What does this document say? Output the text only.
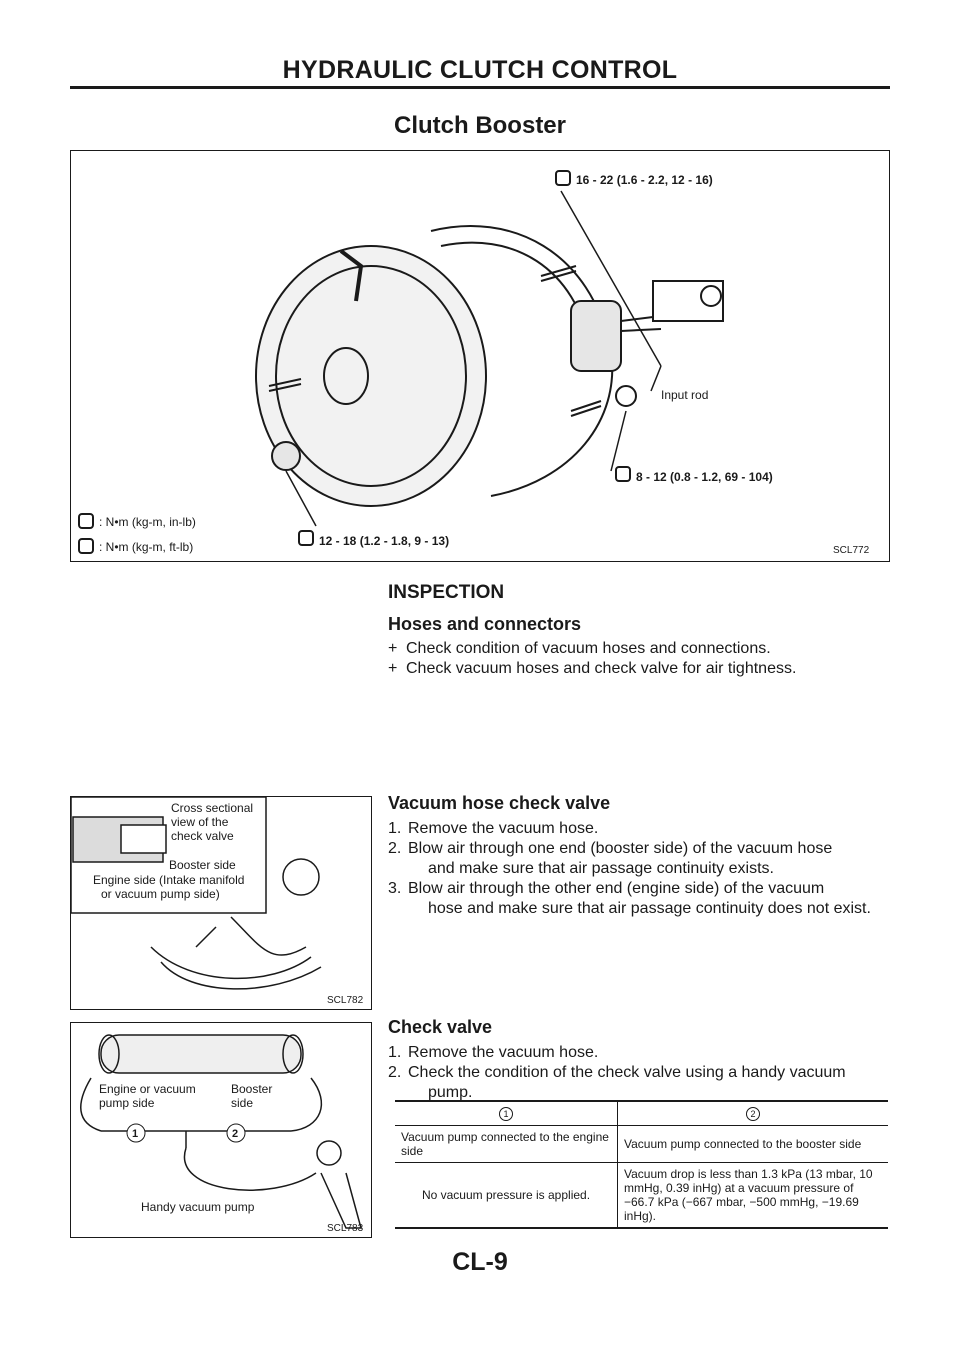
HYDRAULIC CLUTCH CONTROL
Clutch Booster
16 - 22 (1.6 - 2.2, 12 - 16)
Input rod
8 - 12 (0.8 - 1.2, 69 - 104)
12 - 18 (1.2 - 1.8, 9 - 13)
: N•m (kg-m, in-lb)
: N•m (kg-m, ft-lb)	SCL772
INSPECTION
Hoses and connectors
+ Check condition of vacuum hoses and connections.
+ Check vacuum hoses and check valve for air tightness.
Cross sectional
view of the
check valve
Booster side
Engine side (Intake manifold
or vacuum pump side)
SCL782
Vacuum hose check valve
1. Remove the vacuum hose.
2. Blow air through one end (booster side) of the vacuum hose
and make sure that air passage continuity exists.
3. Blow air through the other end (engine side) of the vacuum
hose and make sure that air passage continuity does not exist.
1	2
Engine or vacuum
pump side
Booster
side
Handy vacuum pump
SCL783
Check valve
1. Remove the vacuum hose.
2. Check the condition of the check valve using a handy vacuum
pump.
1	2
Vacuum pump connected to the engine side	Vacuum pump connected to the booster side
No vacuum pressure is applied.	Vacuum drop is less than 1.3 kPa (13 mbar, 10 mmHg, 0.39 inHg) at a vacuum pressure of −66.7 kPa (−667 mbar, −500 mmHg, −19.69 inHg).
CL-9
